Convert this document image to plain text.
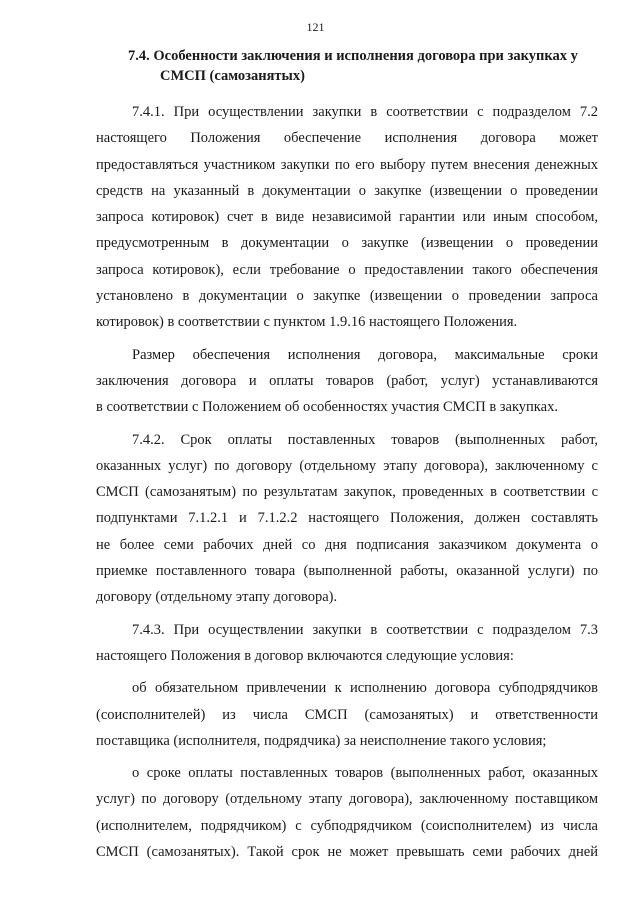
121
7.4. Особенности заключения и исполнения договора при закупках у
СМСП (самозанятых)
7.4.1. При осуществлении закупки в соответствии с подразделом 7.2
настоящего Положения обеспечение исполнения договора может
предоставляться участником закупки по его выбору путем внесения денежных
средств на указанный в документации о закупке (извещении о проведении
запроса котировок) счет в виде независимой гарантии или иным способом,
предусмотренным в документации о закупке (извещении о проведении
запроса котировок), если требование о предоставлении такого обеспечения
установлено в документации о закупке (извещении о проведении запроса
котировок) в соответствии с пунктом 1.9.16 настоящего Положения.
Размер обеспечения исполнения договора, максимальные сроки
заключения договора и оплаты товаров (работ, услуг) устанавливаются
в соответствии с Положением об особенностях участия СМСП в закупках.
7.4.2. Срок оплаты поставленных товаров (выполненных работ,
оказанных услуг) по договору (отдельному этапу договора), заключенному с
СМСП (самозанятым) по результатам закупок, проведенных в соответствии с
подпунктами 7.1.2.1 и 7.1.2.2 настоящего Положения, должен составлять
не более семи рабочих дней со дня подписания заказчиком документа о
приемке поставленного товара (выполненной работы, оказанной услуги) по
договору (отдельному этапу договора).
7.4.3. При осуществлении закупки в соответствии с подразделом 7.3
настоящего Положения в договор включаются следующие условия:
об обязательном привлечении к исполнению договора субподрядчиков
(соисполнителей) из числа СМСП (самозанятых) и ответственности
поставщика (исполнителя, подрядчика) за неисполнение такого условия;
о сроке оплаты поставленных товаров (выполненных работ, оказанных
услуг) по договору (отдельному этапу договора), заключенному поставщиком
(исполнителем, подрядчиком) с субподрядчиком (соисполнителем) из числа
СМСП (самозанятых). Такой срок не может превышать семи рабочих дней
